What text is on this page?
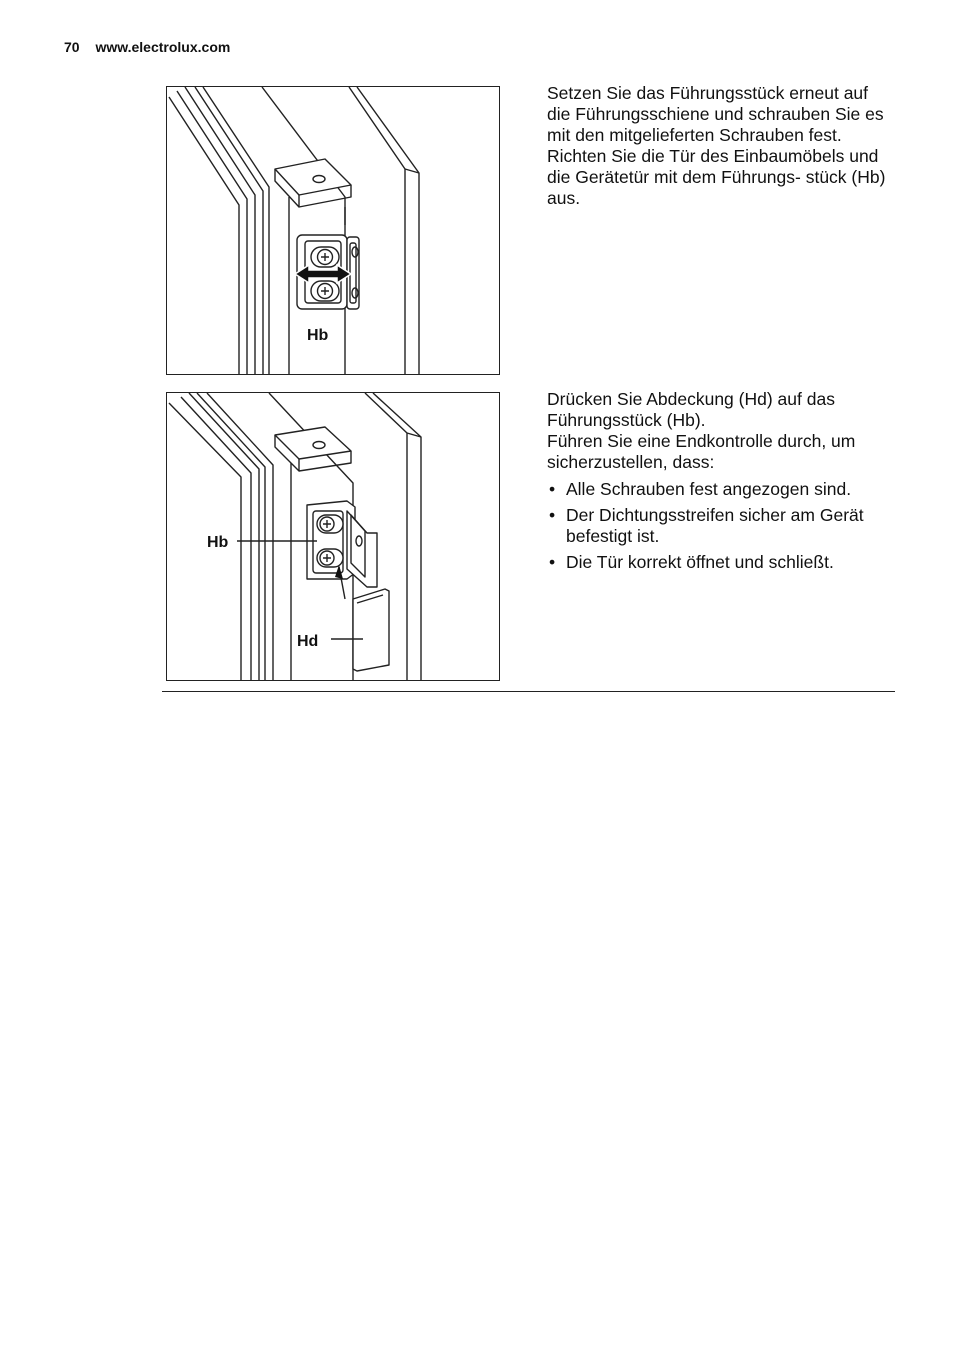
70 www.electrolux.com
Hb
Hb
Hd
Setzen Sie das Führungsstück erneut auf die Führungsschiene und schrauben Sie es mit den mitgelieferten Schrauben fest. Richten Sie die Tür des Einbaumöbels und die Gerätetür mit dem Führungs- stück (Hb) aus.
Drücken Sie Abdeckung (Hd) auf das Führungsstück (Hb).
Führen Sie eine Endkontrolle durch, um sicherzustellen, dass:
• Alle Schrauben fest angezogen sind.
• Der Dichtungsstreifen sicher am Gerät befestigt ist.
• Die Tür korrekt öffnet und schließt.
